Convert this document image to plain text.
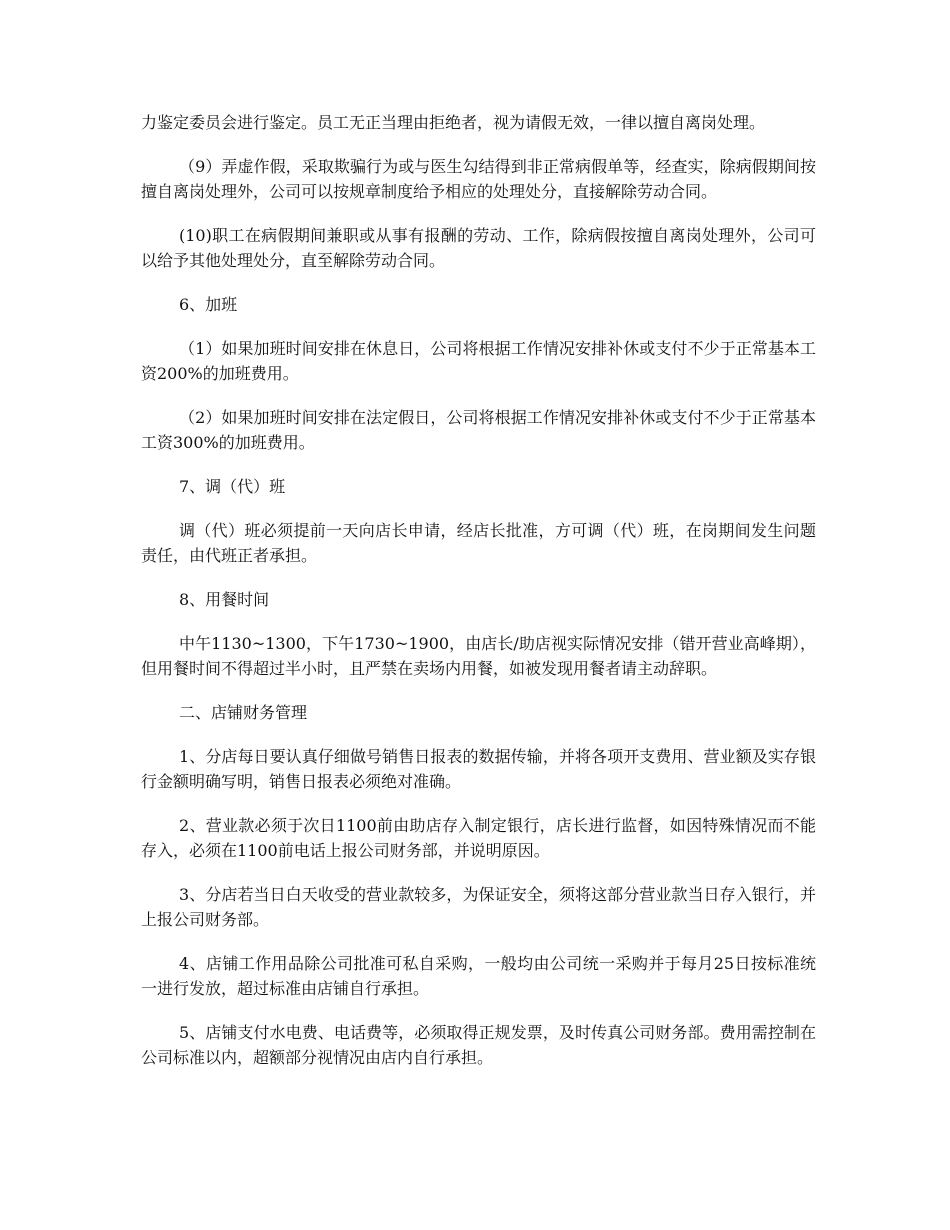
力鉴定委员会进行鉴定。员工无正当理由拒绝者，视为请假无效，一律以擅自离岗处理。

（9）弄虚作假，采取欺骗行为或与医生勾结得到非正常病假单等，经查实，除病假期间按擅自离岗处理外，公司可以按规章制度给予相应的处理处分，直接解除劳动合同。

(10)职工在病假期间兼职或从事有报酬的劳动、工作，除病假按擅自离岗处理外，公司可以给予其他处理处分，直至解除劳动合同。

6、加班

（1）如果加班时间安排在休息日，公司将根据工作情况安排补休或支付不少于正常基本工资200%的加班费用。

（2）如果加班时间安排在法定假日，公司将根据工作情况安排补休或支付不少于正常基本工资300%的加班费用。

7、调（代）班

调（代）班必须提前一天向店长申请，经店长批准，方可调（代）班，在岗期间发生问题责任，由代班正者承担。

8、用餐时间

中午1130~1300，下午1730~1900，由店长/助店视实际情况安排（错开营业高峰期），但用餐时间不得超过半小时，且严禁在卖场内用餐，如被发现用餐者请主动辞职。

二、店铺财务管理

1、分店每日要认真仔细做号销售日报表的数据传输，并将各项开支费用、营业额及实存银行金额明确写明，销售日报表必须绝对准确。

2、营业款必须于次日1100前由助店存入制定银行，店长进行监督，如因特殊情况而不能存入，必须在1100前电话上报公司财务部，并说明原因。

3、分店若当日白天收受的营业款较多，为保证安全，须将这部分营业款当日存入银行，并上报公司财务部。

4、店铺工作用品除公司批准可私自采购，一般均由公司统一采购并于每月25日按标准统一进行发放，超过标准由店铺自行承担。

5、店铺支付水电费、电话费等，必须取得正规发票，及时传真公司财务部。费用需控制在公司标准以内，超额部分视情况由店内自行承担。
